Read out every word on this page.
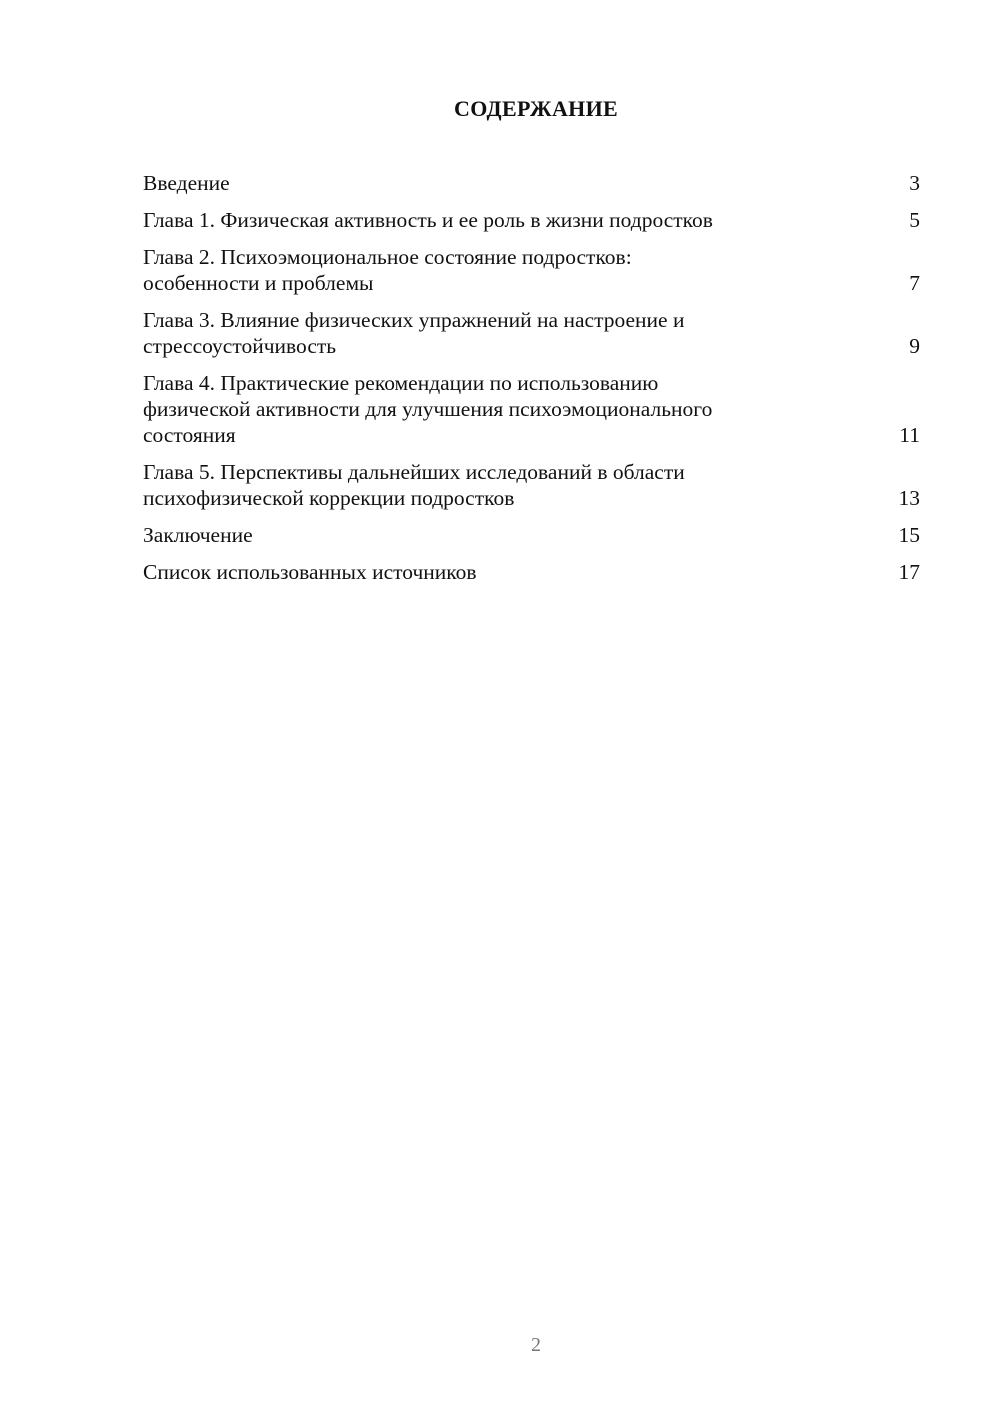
СОДЕРЖАНИЕ
Введение	3
Глава 1. Физическая активность и ее роль в жизни подростков	5
Глава 2. Психоэмоциональное состояние подростков:
особенности и проблемы	7
Глава 3. Влияние физических упражнений на настроение и
стрессоустойчивость	9
Глава 4. Практические рекомендации по использованию
физической активности для улучшения психоэмоционального
состояния	11
Глава 5. Перспективы дальнейших исследований в области
психофизической коррекции подростков	13
Заключение	15
Список использованных источников	17
2
